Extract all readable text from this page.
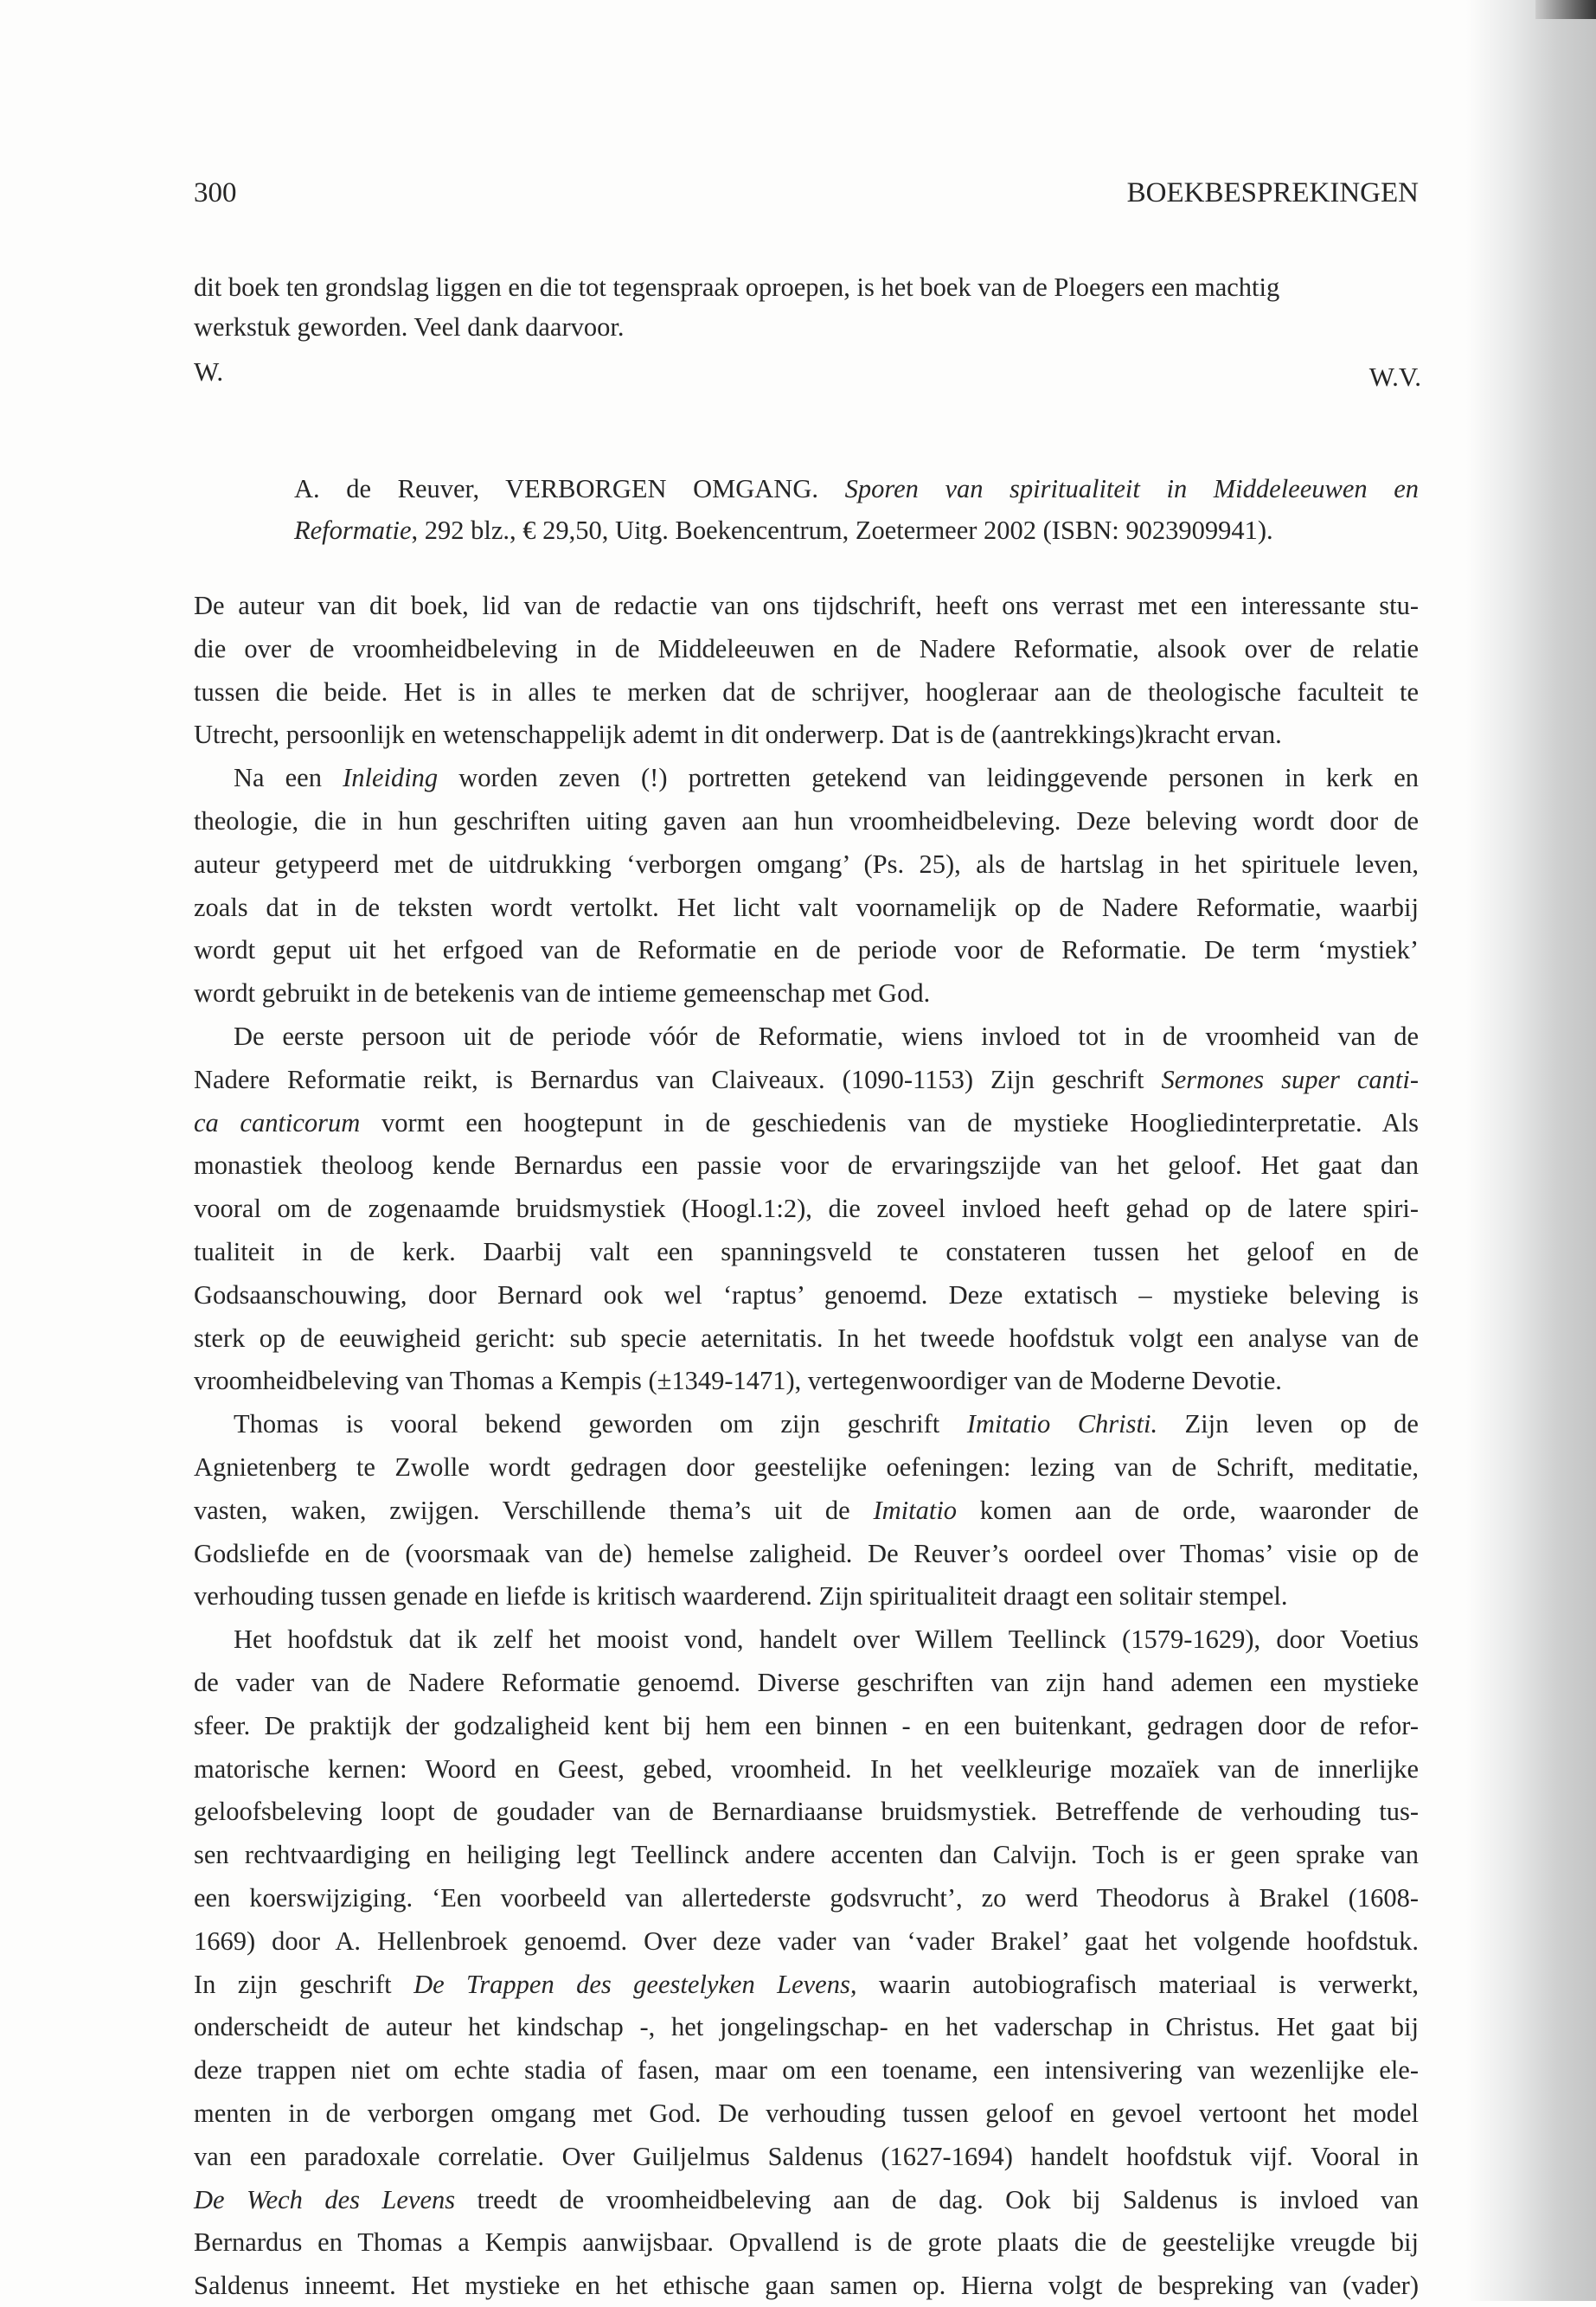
300	BOEKBESPREKINGEN
dit boek ten grondslag liggen en die tot tegenspraak oproepen, is het boek van de Ploegers een machtig
werkstuk geworden. Veel dank daarvoor.
W.	W.V.
A. de Reuver, VERBORGEN OMGANG. Sporen van spiritualiteit in Middeleeuwen en
Reformatie, 292 blz., € 29,50, Uitg. Boekencentrum, Zoetermeer 2002 (ISBN: 9023909941).
De auteur van dit boek, lid van de redactie van ons tijdschrift, heeft ons verrast met een interessante stu-
die over de vroomheidbeleving in de Middeleeuwen en de Nadere Reformatie, alsook over de relatie
tussen die beide. Het is in alles te merken dat de schrijver, hoogleraar aan de theologische faculteit te
Utrecht, persoonlijk en wetenschappelijk ademt in dit onderwerp. Dat is de (aantrekkings)kracht ervan.
Na een Inleiding worden zeven (!) portretten getekend van leidinggevende personen in kerk en
theologie, die in hun geschriften uiting gaven aan hun vroomheidbeleving. Deze beleving wordt door de
auteur getypeerd met de uitdrukking ‘verborgen omgang’ (Ps. 25), als de hartslag in het spirituele leven,
zoals dat in de teksten wordt vertolkt. Het licht valt voornamelijk op de Nadere Reformatie, waarbij
wordt geput uit het erfgoed van de Reformatie en de periode voor de Reformatie. De term ‘mystiek’
wordt gebruikt in de betekenis van de intieme gemeenschap met God.
De eerste persoon uit de periode vóór de Reformatie, wiens invloed tot in de vroomheid van de
Nadere Reformatie reikt, is Bernardus van Claiveaux. (1090-1153) Zijn geschrift Sermones super canti-
ca canticorum vormt een hoogtepunt in de geschiedenis van de mystieke Hoogliedinterpretatie. Als
monastiek theoloog kende Bernardus een passie voor de ervaringszijde van het geloof. Het gaat dan
vooral om de zogenaamde bruidsmystiek (Hoogl.1:2), die zoveel invloed heeft gehad op de latere spiri-
tualiteit in de kerk. Daarbij valt een spanningsveld te constateren tussen het geloof en de
Godsaanschouwing, door Bernard ook wel ‘raptus’ genoemd. Deze extatisch – mystieke beleving is
sterk op de eeuwigheid gericht: sub specie aeternitatis. In het tweede hoofdstuk volgt een analyse van de
vroomheidbeleving van Thomas a Kempis (±1349-1471), vertegenwoordiger van de Moderne Devotie.
Thomas is vooral bekend geworden om zijn geschrift Imitatio Christi. Zijn leven op de
Agnietenberg te Zwolle wordt gedragen door geestelijke oefeningen: lezing van de Schrift, meditatie,
vasten, waken, zwijgen. Verschillende thema’s uit de Imitatio komen aan de orde, waaronder de
Godsliefde en de (voorsmaak van de) hemelse zaligheid. De Reuver’s oordeel over Thomas’ visie op de
verhouding tussen genade en liefde is kritisch waarderend. Zijn spiritualiteit draagt een solitair stempel.
Het hoofdstuk dat ik zelf het mooist vond, handelt over Willem Teellinck (1579-1629), door Voetius
de vader van de Nadere Reformatie genoemd. Diverse geschriften van zijn hand ademen een mystieke
sfeer. De praktijk der godzaligheid kent bij hem een binnen - en een buitenkant, gedragen door de refor-
matorische kernen: Woord en Geest, gebed, vroomheid. In het veelkleurige mozaïek van de innerlijke
geloofsbeleving loopt de goudader van de Bernardiaanse bruidsmystiek. Betreffende de verhouding tus-
sen rechtvaardiging en heiliging legt Teellinck andere accenten dan Calvijn. Toch is er geen sprake van
een koerswijziging. ‘Een voorbeeld van allertederste godsvrucht’, zo werd Theodorus à Brakel (1608-
1669) door A. Hellenbroek genoemd. Over deze vader van ‘vader Brakel’ gaat het volgende hoofdstuk.
In zijn geschrift De Trappen des geestelyken Levens, waarin autobiografisch materiaal is verwerkt,
onderscheidt de auteur het kindschap -, het jongelingschap- en het vaderschap in Christus. Het gaat bij
deze trappen niet om echte stadia of fasen, maar om een toename, een intensivering van wezenlijke ele-
menten in de verborgen omgang met God. De verhouding tussen geloof en gevoel vertoont het model
van een paradoxale correlatie. Over Guiljelmus Saldenus (1627-1694) handelt hoofdstuk vijf. Vooral in
De Wech des Levens treedt de vroomheidbeleving aan de dag. Ook bij Saldenus is invloed van
Bernardus en Thomas a Kempis aanwijsbaar. Opvallend is de grote plaats die de geestelijke vreugde bij
Saldenus inneemt. Het mystieke en het ethische gaan samen op. Hierna volgt de bespreking van (vader)
